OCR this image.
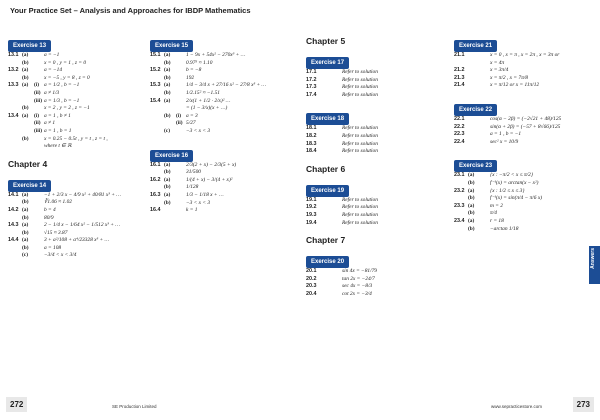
Your Practice Set – Analysis and Approaches for IBDP Mathematics
Exercise 13
13.1 (a)	a = −1
(b)	x = 0 , y = 1 , z = 0
13.2 (a)	a = −14
(b)	x = −5 , y = 8 , z = 0
13.3 (a)	(i) a = 1/2 , b = −1
(ii) a ≠ 1/3
(iii) a = 1/3 , b = −1
(b)	x = 2 , y = 2 , z = −1
13.4 (a)	(i) a = 1 , b ≠ 1
(ii) a ≠ 1
(iii) a = 1 , b = 1
(b)	x = 0.25 − 0.5t , y = t , z = t ,
where t ∈ ℝ
Chapter 4
Exercise 14
14.1 (a)	−1 + 2/3 x − 4/9 x² + 40/81 x³ + …
(b)	∛1.06 ≈ 1.02
14.2 (a)	b = 4
(b)	80/9
14.3 (a)	2 − 1/4 x − 1/64 x² − 1/512 x³ + …
(b)	√15 ≈ 3.87
14.4 (a)	3 + a²/108 + a⁴/23328 x³ + …
(b)	a = 108
(c)	−3/4 < x < 3/4
Exercise 15
15.1 (a)	1 − 9x + 54x² − 270x³ + …
(b)	0.97⁵ ≈ 1.10
15.2 (a)	b = −8
(b)	192
15.3 (a)	1/4 − 3/4 x + 27/16 x² − 27/8 x³ + …
(b)	1/2.15² ≈ −1.51
15.4 (a)	2/x(1 + 1/2 · 2/x)² …
= (1 − 3/x)(x + …)
(b)	(i) a = 3
(ii) 5/27
(c)	−3 < x < 3
Exercise 16
16.1 (a)	2/3(2 + x) − 2/3(5 + x)
(b)	31/500
16.2 (a)	1/(4 + x) − 3/(4 + x)²
(b)	1/128
16.3 (a)	1/3 − 1/18 x + …
(b)	−3 < x < 3
16.4	k = 1
Chapter 5
Exercise 17
17.1	Refer to solution
17.2	Refer to solution
17.3	Refer to solution
17.4	Refer to solution
Exercise 18
18.1	Refer to solution
18.2	Refer to solution
18.3	Refer to solution
18.4	Refer to solution
Chapter 6
Exercise 19
19.1	Refer to solution
19.2	Refer to solution
19.3	Refer to solution
19.4	Refer to solution
Chapter 7
Exercise 20
20.1	sin 4x = −81/79
20.2	tan 2x = −24/7
20.3	sec 4x = −8/3
20.4	cot 2x = −3/4
Exercise 21
21.1	x = 0 , x = π , x = 2π , x = 3π or
x = 4π
21.2	x = 3π/4
21.3	x = π/2 , x = 7π/8
21.4	x = π/12 or x = 11π/12
Exercise 22
22.1	cos(α − 2β) = (−2√21 + 48)/125
22.2	sin(α + 2β) = (−57 + 8√66)/125
22.3	a = 1 , b = −1
22.4	sec² x = 10/9
Exercise 23
23.1 (a)	{x : −π/2 < x ≤ π/2}
(b)	f⁻¹(x) = arctan(x − x²)
23.2 (a)	{x : 1/2 ≤ x ≤ 3}
(b)	f⁻¹(x) = sin(π/4 − π/6 x)
23.3 (a)	m = 2
(b)	π/4
23.4 (a)	r = 18
(b)	−arctan 1/18
Answers
272	SE Production Limited	www.sepracticestore.com	273
